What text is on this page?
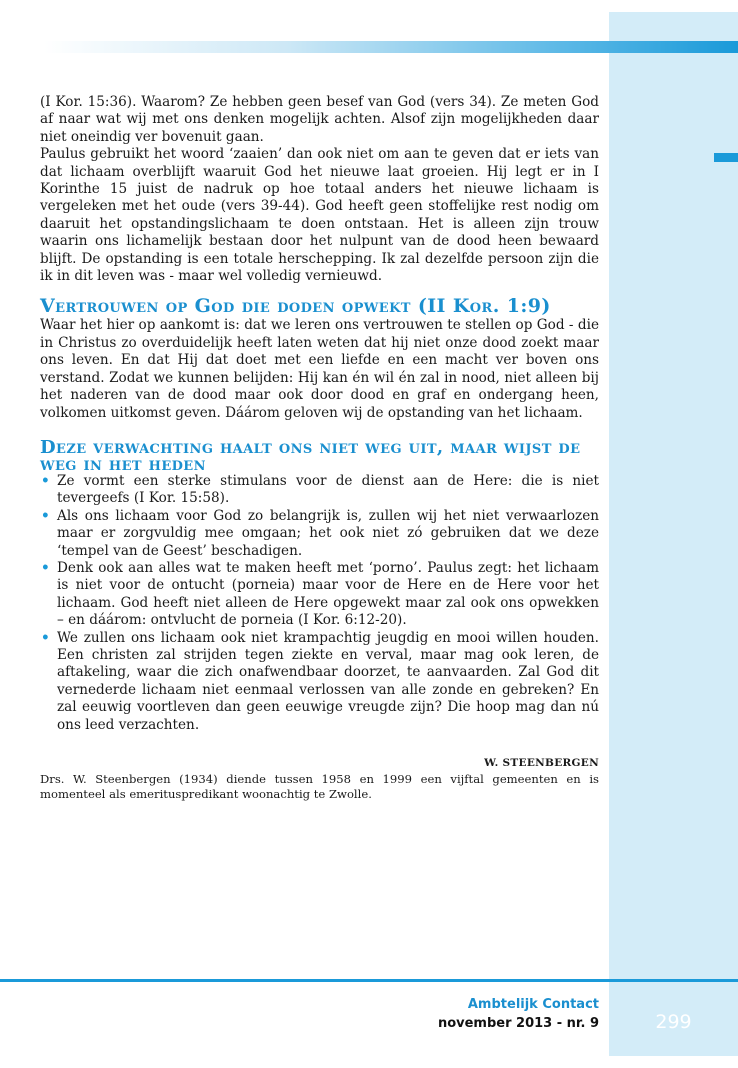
(I Kor. 15:36). Waarom? Ze hebben geen besef van God (vers 34). Ze meten God af naar wat wij met ons denken mogelijk achten. Alsof zijn mogelijkheden daar niet oneindig ver bovenuit gaan.

Paulus gebruikt het woord ‘zaaien’ dan ook niet om aan te geven dat er iets van dat lichaam overblijft waaruit God het nieuwe laat groeien. Hij legt er in I Korinthe 15 juist de nadruk op hoe totaal anders het nieuwe lichaam is vergeleken met het oude (vers 39-44). God heeft geen stoffelijke rest nodig om daaruit het opstandingslichaam te doen ontstaan. Het is alleen zijn trouw waarin ons lichamelijk bestaan door het nulpunt van de dood heen bewaard blijft. De opstanding is een totale herschepping. Ik zal dezelfde persoon zijn die ik in dit leven was - maar wel volledig vernieuwd.

Vertrouwen op God die doden opwekt (II Kor. 1:9)

Waar het hier op aankomt is: dat we leren ons vertrouwen te stellen op God - die in Christus zo overduidelijk heeft laten weten dat hij niet onze dood zoekt maar ons leven. En dat Hij dat doet met een liefde en een macht ver boven ons verstand. Zodat we kunnen belijden: Hij kan én wil én zal in nood, niet alleen bij het naderen van de dood maar ook door dood en graf en ondergang heen, volkomen uitkomst geven. Dáárom geloven wij de opstanding van het lichaam.

Deze verwachting haalt ons niet weg uit, maar wijst de weg in het heden
• Ze vormt een sterke stimulans voor de dienst aan de Here: die is niet tevergeefs (I Kor. 15:58).
• Als ons lichaam voor God zo belangrijk is, zullen wij het niet verwaarlozen maar er zorgvuldig mee omgaan; het ook niet zó gebruiken dat we deze ‘tempel van de Geest’ beschadigen.
• Denk ook aan alles wat te maken heeft met ‘porno’. Paulus zegt: het lichaam is niet voor de ontucht (porneia) maar voor de Here en de Here voor het lichaam. God heeft niet alleen de Here opgewekt maar zal ook ons opwekken – en dáárom: ontvlucht de porneia (I Kor. 6:12-20).
• We zullen ons lichaam ook niet krampachtig jeugdig en mooi willen houden. Een christen zal strijden tegen ziekte en verval, maar mag ook leren, de aftakeling, waar die zich onafwendbaar doorzet, te aanvaarden. Zal God dit vernederde lichaam niet eenmaal verlossen van alle zonde en gebreken? En zal eeuwig voortleven dan geen eeuwige vreugde zijn? Die hoop mag dan nú ons leed verzachten.
W. STEENBERGEN

Drs. W. Steenbergen (1934) diende tussen 1958 en 1999 een vijftal gemeenten en is momenteel als emerituspredikant woonachtig te Zwolle.

Ambtelijk Contact
november 2013 - nr. 9	299
